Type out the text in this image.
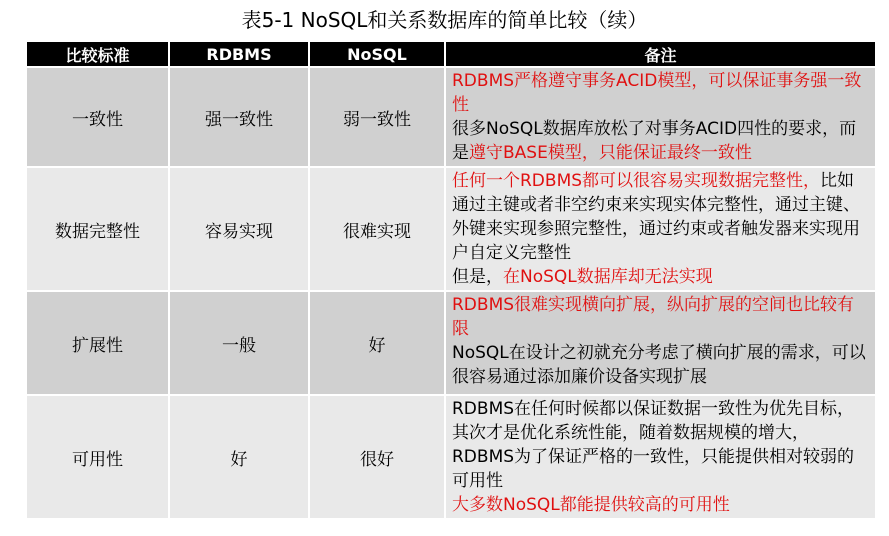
表5-1 NoSQL和关系数据库的简单比较（续）
比较标准	RDBMS	NoSQL	备注
一致性	强一致性	弱一致性	RDBMS严格遵守事务ACID模型，可以保证事务强一致性
很多NoSQL数据库放松了对事务ACID四性的要求，而是遵守BASE模型，只能保证最终一致性

数据完整性	容易实现	很难实现	任何一个RDBMS都可以很容易实现数据完整性，比如通过主键或者非空约束来实现实体完整性，通过主键、外键来实现参照完整性，通过约束或者触发器来实现用户自定义完整性
但是，在NoSQL数据库却无法实现

扩展性	一般	好	RDBMS很难实现横向扩展，纵向扩展的空间也比较有限
NoSQL在设计之初就充分考虑了横向扩展的需求，可以很容易通过添加廉价设备实现扩展

可用性	好	很好	RDBMS在任何时候都以保证数据一致性为优先目标，其次才是优化系统性能，随着数据规模的增大，RDBMS为了保证严格的一致性，只能提供相对较弱的可用性
大多数NoSQL都能提供较高的可用性
